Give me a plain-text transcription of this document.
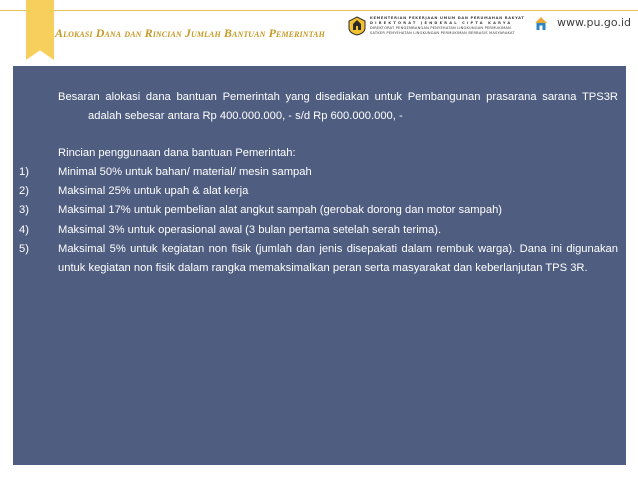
Alokasi Dana dan Rincian Jumlah Bantuan Pemerintah
KEMENTERIAN PEKERJAAN UMUM DAN PERUMAHAN RAKYAT
DIREKTORAT JENDERAL CIPTA KARYA
DIREKTORAT PENGEMBANGAN PENYEHATAN LINGKUNGAN PERMUKIMAN
SATKER PENYEHATAN LINGKUNGAN PERMUKIMAN BERBASIS MASYARAKAT
www.pu.go.id
Besaran alokasi dana bantuan Pemerintah yang disediakan untuk Pembangunan prasarana sarana TPS3R
adalah sebesar antara Rp 400.000.000, - s/d Rp 600.000.000, -
Rincian penggunaan dana bantuan Pemerintah:
1)	Minimal 50% untuk bahan/ material/ mesin sampah
2)	Maksimal 25% untuk upah & alat kerja
3)	Maksimal 17% untuk pembelian alat angkut sampah (gerobak dorong dan motor sampah)
4)	Maksimal 3% untuk operasional awal (3 bulan pertama setelah serah terima).
5)	Maksimal 5% untuk kegiatan non fisik (jumlah dan jenis disepakati dalam rembuk warga). Dana ini digunakan untuk kegiatan non fisik dalam rangka memaksimalkan peran serta masyarakat dan keberlanjutan TPS 3R.
